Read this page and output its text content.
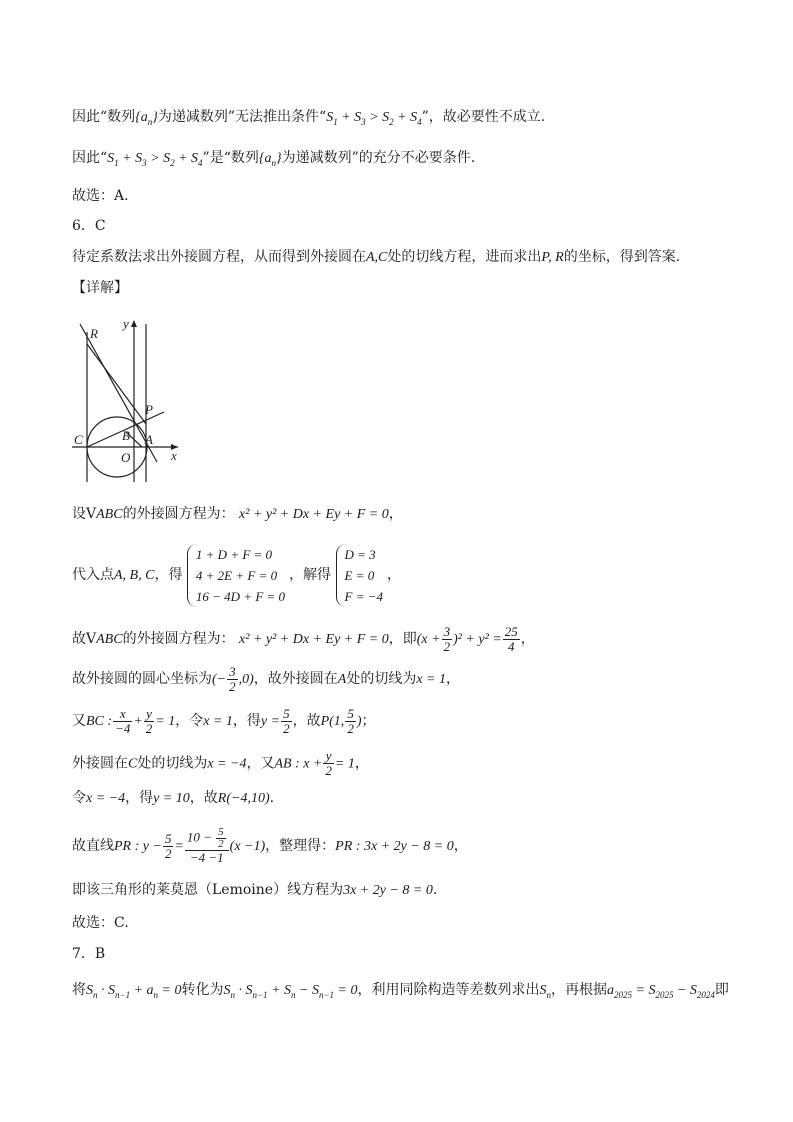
因此“数列$\{a_n\}$为递减数列”无法推出条件“$S_1 + S_3 > S_2 + S_4$”，故必要性不成立.
因此“$S_1 + S_3 > S_2 + S_4$”是“数列$\{a_n\}$为递减数列”的充分不必要条件.
故选：A.
6．C
待定系数法求出外接圆方程，从而得到外接圆在A,C处的切线方程，进而求出P, R的坐标，得到答案.
【详解】
R
y
P
B
C	A
O	x
设VABC的外接圆方程为： x² + y² + Dx + Ey + F = 0，
代入点A, B, C，得
1 + D + F = 0
4 + 2E + F = 0
16 − 4D + F = 0
，解得
D = 3
E = 0
F = −4
，
故VABC的外接圆方程为： x² + y² + Dx + Ey + F = 0，即$(x + \frac{3}{2} )^2 + y^2 = \frac{25}{4}$ ，
故外接圆的圆心坐标为(− $\frac{3}{2} ,0$)，故外接圆在A处的切线为x = 1，
又BC : $\frac{x}{-4} + \frac{y}{2} = 1$，令x = 1，得$y = \frac{5}{2}$ ，故P(1, $\frac{5}{2}$ )；
外接圆在C处的切线为x = −4，又AB : $x + \frac{y}{2} = 1$，
令x = −4，得y = 10，故R(−4,10).
故直线PR : $y - \frac{5}{2} = \frac{10 - \frac{5}{2}}{-4 -1} (x -1)$，整理得：PR : 3x + 2y − 8 = 0，
即该三角形的莱莫恩（Lemoine）线方程为3x + 2y − 8 = 0.
故选：C.
7．B
将$S_n \cdot S_{n-1} + a_n = 0$转化为$S_n \cdot S_{n-1} + S_n - S_{n-1} = 0$，利用同除构造等差数列求出$S_n$，再根据$a_{2025} = S_{2025} - S_{2024}$即
